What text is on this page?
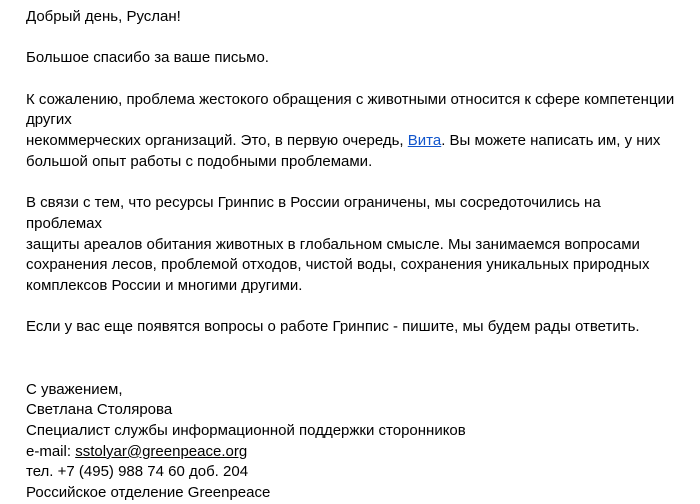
Добрый день, Руслан!
Большое спасибо за ваше письмо.
К сожалению, проблема жестокого обращения с животными относится к сфере компетенции других
некоммерческих организаций. Это, в первую очередь, Вита. Вы можете написать им, у них
большой опыт работы с подобными проблемами.
В связи с тем, что ресурсы Гринпис в России ограничены, мы сосредоточились на проблемах
защиты ареалов обитания животных в глобальном смысле. Мы занимаемся вопросами
сохранения лесов, проблемой отходов, чистой воды, сохранения уникальных природных
комплексов России и многими другими.
Если у вас еще появятся вопросы о работе Гринпис - пишите, мы будем рады ответить.
С уважением,
Светлана Столярова
Специалист службы информационной поддержки сторонников
e-mail: sstolyar@greenpeace.org
тел. +7 (495) 988 74 60 доб. 204
Российское отделение Greenpeace
